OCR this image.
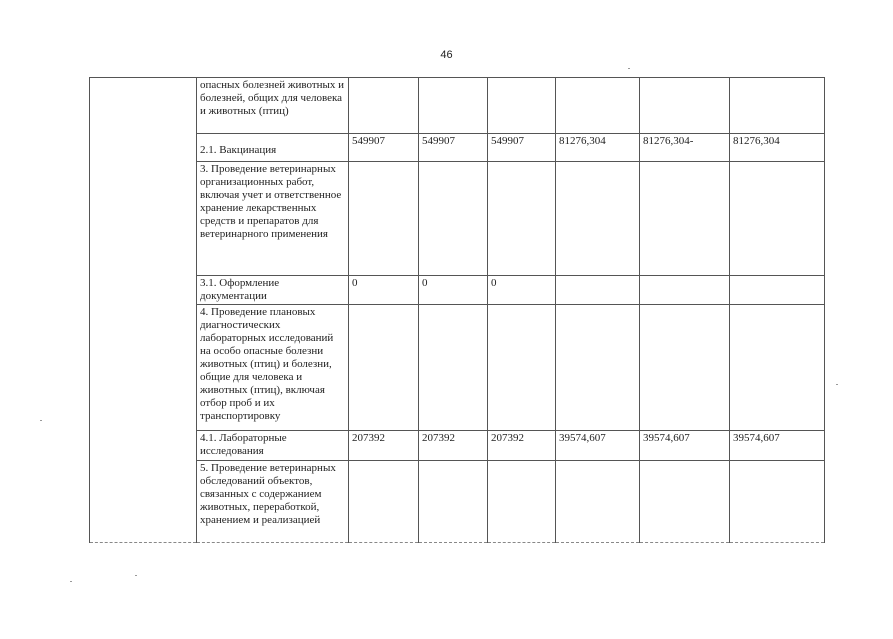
46
	опасных болезней животных и болезней, общих для человека и животных (птиц)						
	2.1. Вакцинация	549907	549907	549907	81276,304	81276,304-	81276,304
	3. Проведение ветеринарных организационных работ, включая учет и ответственное хранение лекарственных средств и препаратов для ветеринарного применения						
	3.1. Оформление документации	0	0	0			
	4. Проведение плановых диагностических лабораторных исследований на особо опасные болезни животных (птиц) и болезни, общие для человека и животных (птиц), включая отбор проб и их транспортировку						
	4.1. Лабораторные исследования	207392	207392	207392	39574,607	39574,607	39574,607
	5. Проведение ветеринарных обследований объектов, связанных с содержанием животных, переработкой, хранением и реализацией						
